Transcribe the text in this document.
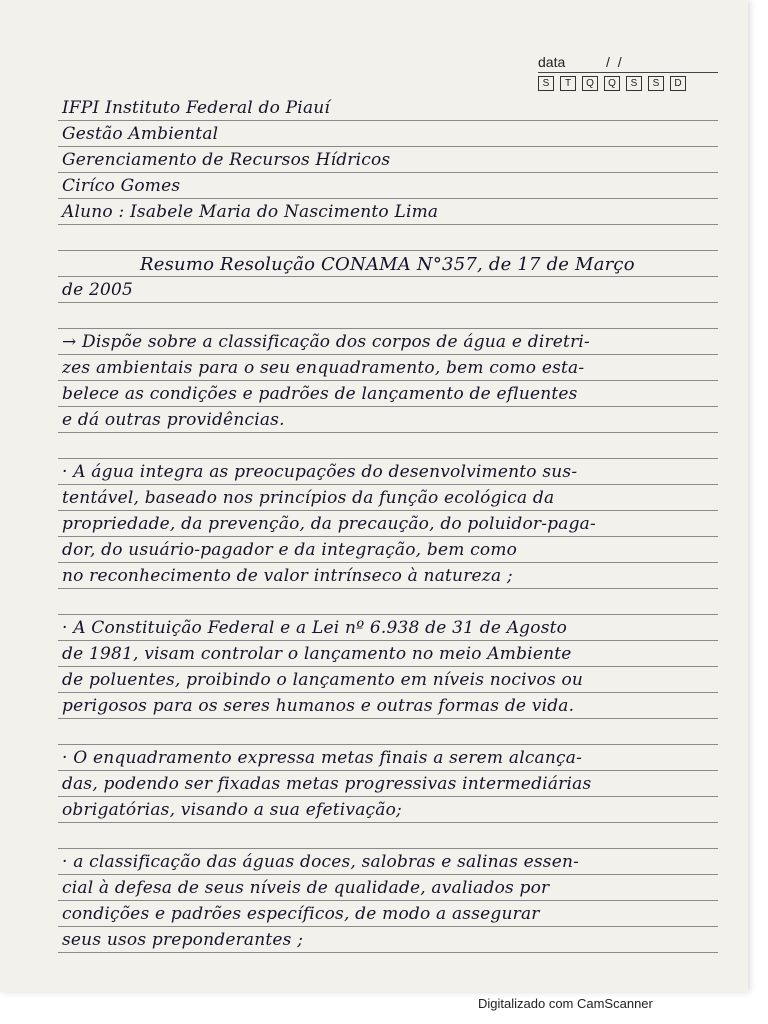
data	/ /
S	T	Q	Q	S	S	D
IFPI Instituto Federal do Piauí
Gestão Ambiental
Gerenciamento de Recursos Hídricos
Ciríco Gomes
Aluno : Isabele Maria do Nascimento Lima
Resumo Resolução CONAMA N°357, de 17 de Março
de 2005
→ Dispõe sobre a classificação dos corpos de água e diretri-
zes ambientais para o seu enquadramento, bem como esta-
belece as condições e padrões de lançamento de efluentes
e dá outras providências.
· A água integra as preocupações do desenvolvimento sus-
tentável, baseado nos princípios da função ecológica da
propriedade, da prevenção, da precaução, do poluidor-paga-
dor, do usuário-pagador e da integração, bem como
no reconhecimento de valor intrínseco à natureza ;
· A Constituição Federal e a Lei nº 6.938 de 31 de Agosto
de 1981, visam controlar o lançamento no meio Ambiente
de poluentes, proibindo o lançamento em níveis nocivos ou
perigosos para os seres humanos e outras formas de vida.
· O enquadramento expressa metas finais a serem alcança-
das, podendo ser fixadas metas progressivas intermediárias
obrigatórias, visando a sua efetivação;
· a classificação das águas doces, salobras e salinas essen-
cial à defesa de seus níveis de qualidade, avaliados por
condições e padrões específicos, de modo a assegurar
seus usos preponderantes ;
Digitalizado com CamScanner
